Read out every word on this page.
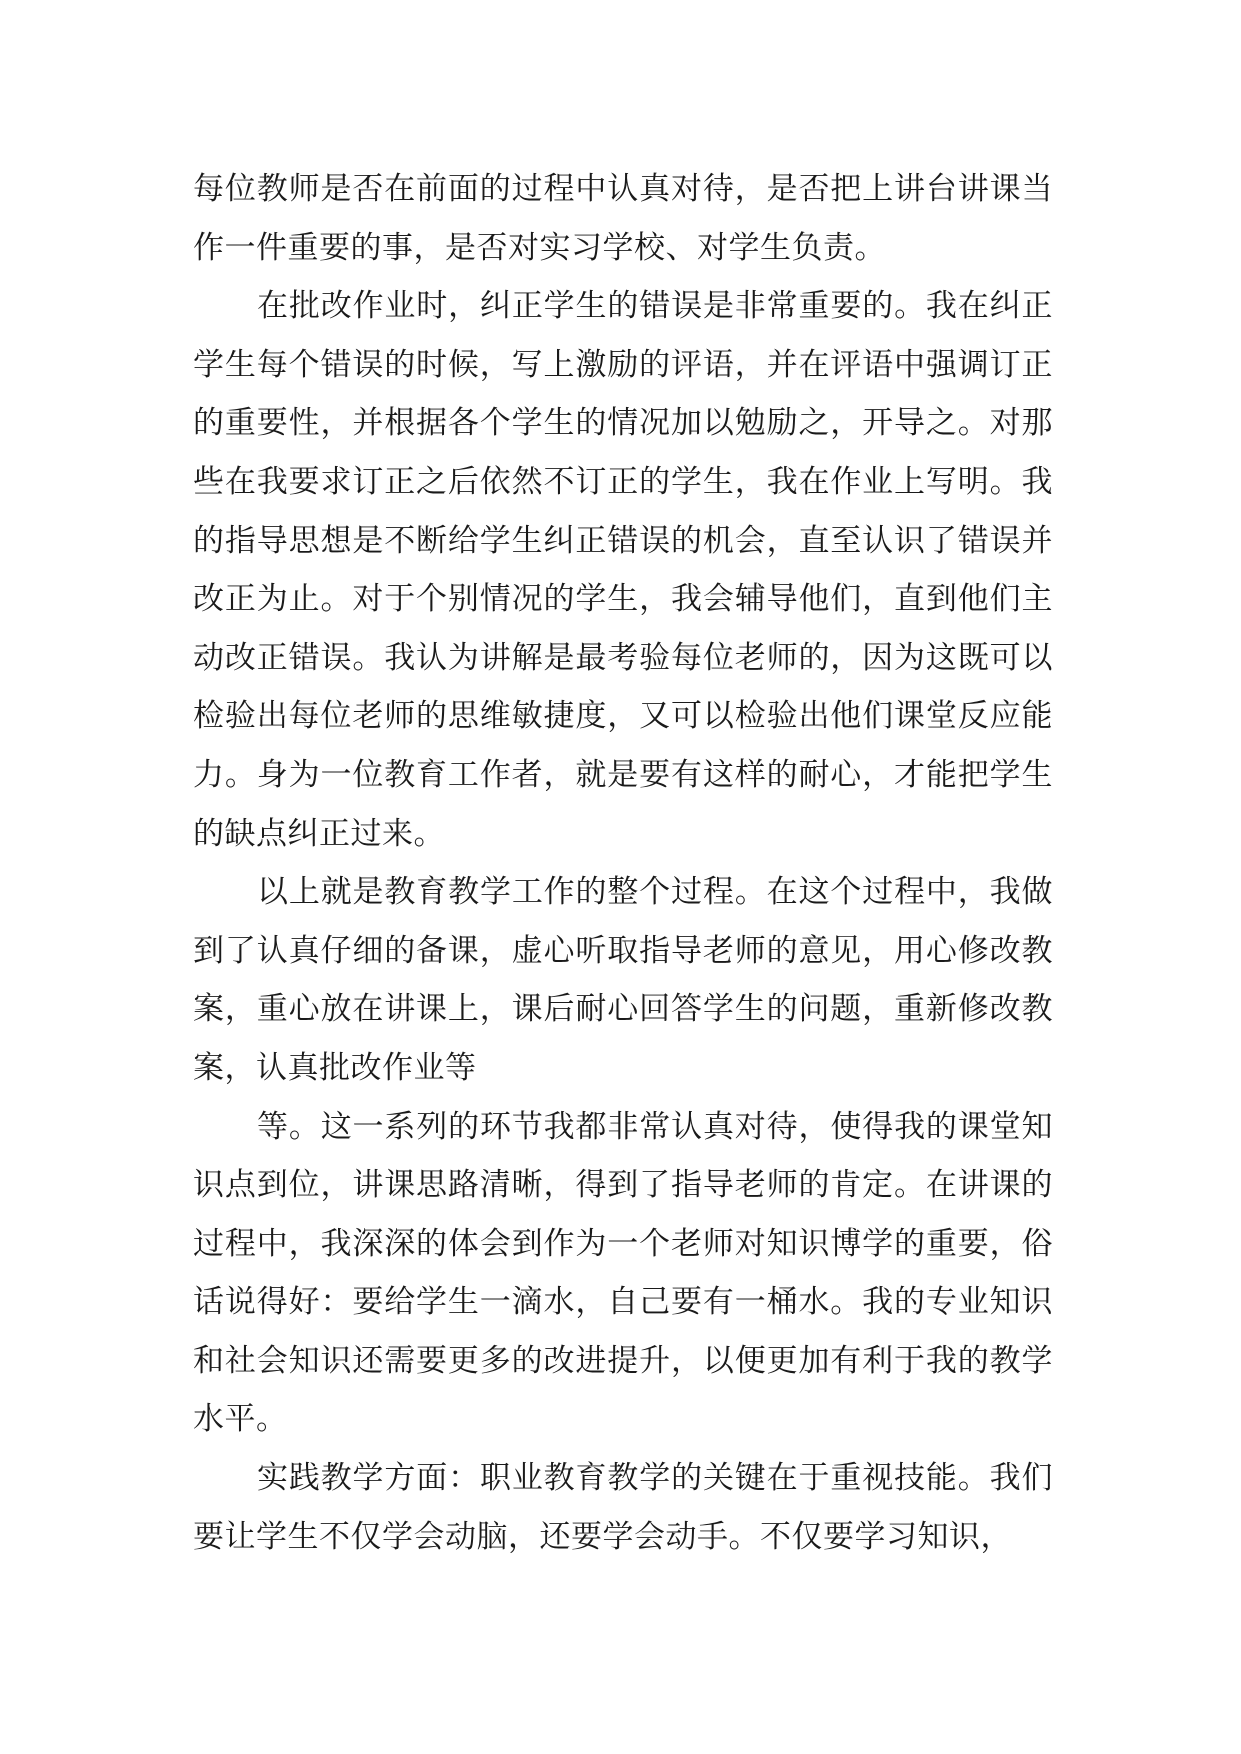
每位教师是否在前面的过程中认真对待，是否把上讲台讲课当作一件重要的事，是否对实习学校、对学生负责。

在批改作业时，纠正学生的错误是非常重要的。我在纠正学生每个错误的时候，写上激励的评语，并在评语中强调订正的重要性，并根据各个学生的情况加以勉励之，开导之。对那些在我要求订正之后依然不订正的学生，我在作业上写明。我的指导思想是不断给学生纠正错误的机会，直至认识了错误并改正为止。对于个别情况的学生，我会辅导他们，直到他们主动改正错误。我认为讲解是最考验每位老师的，因为这既可以检验出每位老师的思维敏捷度，又可以检验出他们课堂反应能力。身为一位教育工作者，就是要有这样的耐心，才能把学生的缺点纠正过来。

以上就是教育教学工作的整个过程。在这个过程中，我做到了认真仔细的备课，虚心听取指导老师的意见，用心修改教案，重心放在讲课上，课后耐心回答学生的问题，重新修改教案，认真批改作业等

等。这一系列的环节我都非常认真对待，使得我的课堂知识点到位，讲课思路清晰，得到了指导老师的肯定。在讲课的过程中，我深深的体会到作为一个老师对知识博学的重要，俗话说得好：要给学生一滴水，自己要有一桶水。我的专业知识和社会知识还需要更多的改进提升，以便更加有利于我的教学水平。

实践教学方面：职业教育教学的关键在于重视技能。我们要让学生不仅学会动脑，还要学会动手。不仅要学习知识，
